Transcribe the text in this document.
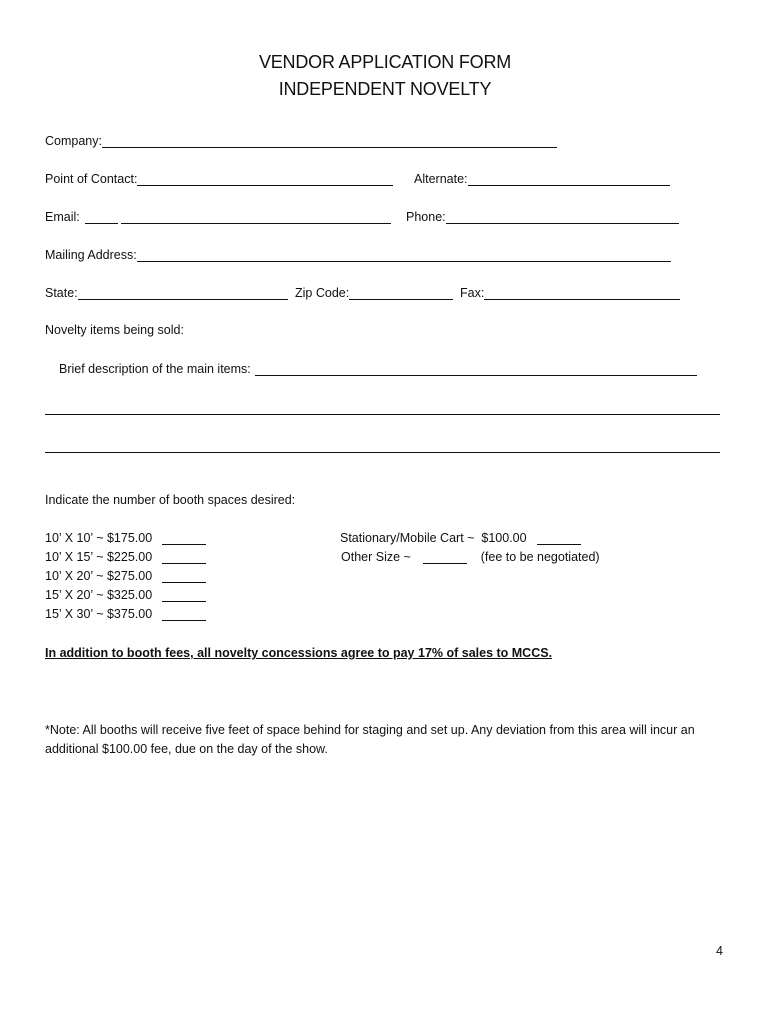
VENDOR APPLICATION FORM
INDEPENDENT NOVELTY
Company:
Point of Contact:	Alternate:
Email:	Phone:
Mailing Address:
State:	Zip Code:	Fax:
Novelty items being sold:
Brief description of the main items:
Indicate the number of booth spaces desired:
10’ X 10’ ~ $175.00
10’ X 15’ ~ $225.00
10’ X 20’ ~ $275.00
15’ X 20’ ~ $325.00
15’ X 30’ ~ $375.00
Stationary/Mobile Cart ~ $100.00
Other Size ~	(fee to be negotiated)
In addition to booth fees, all novelty concessions agree to pay 17% of sales to MCCS.
*Note: All booths will receive five feet of space behind for staging and set up. Any deviation from this area will incur an additional $100.00 fee, due on the day of the show.
4
